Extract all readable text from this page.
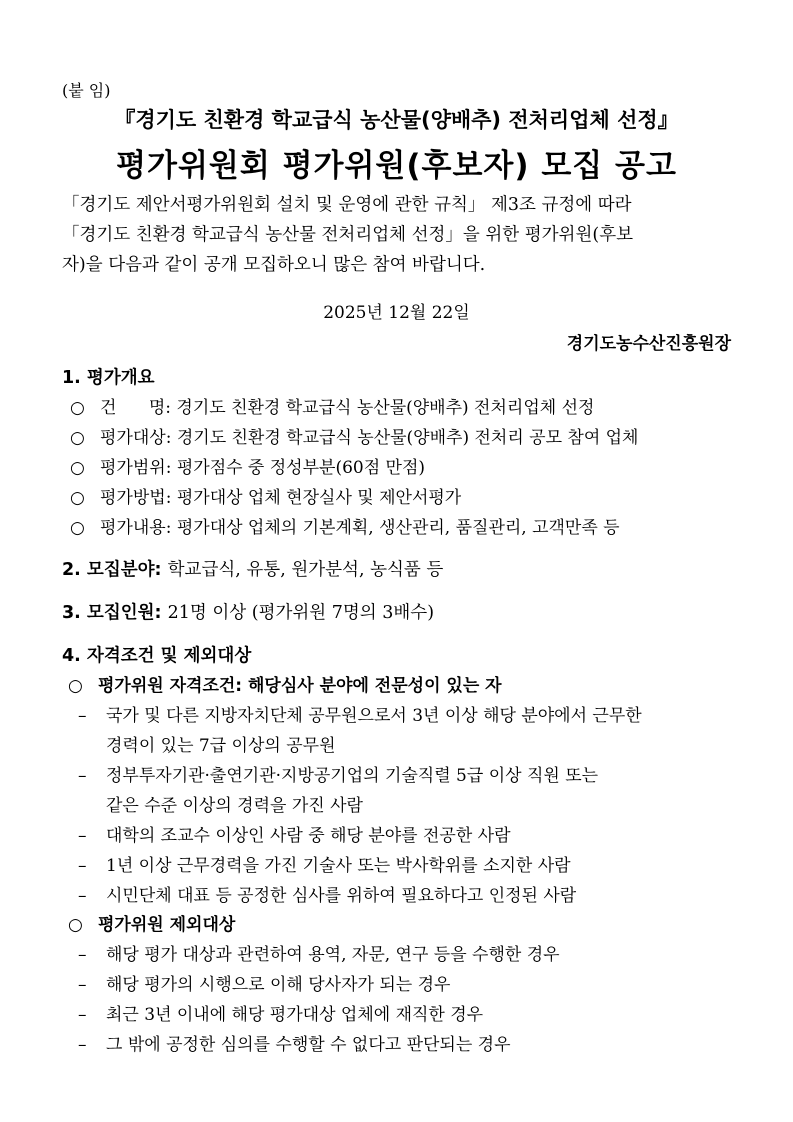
(붙 임)
『경기도 친환경 학교급식 농산물(양배추) 전처리업체 선정』
평가위원회 평가위원(후보자) 모집 공고
「경기도 제안서평가위원회 설치 및 운영에 관한 규칙」 제3조 규정에 따라
「경기도 친환경 학교급식 농산물 전처리업체 선정」을 위한 평가위원(후보
자)을 다음과 같이 공개 모집하오니 많은 참여 바랍니다.
2025년 12월 22일
경기도농수산진흥원장
1. 평가개요
○ 건      명: 경기도 친환경 학교급식 농산물(양배추) 전처리업체 선정
○ 평가대상: 경기도 친환경 학교급식 농산물(양배추) 전처리 공모 참여 업체
○ 평가범위: 평가점수 중 정성부분(60점 만점)
○ 평가방법: 평가대상 업체 현장실사 및 제안서평가
○ 평가내용: 평가대상 업체의 기본계획, 생산관리, 품질관리, 고객만족 등
2. 모집분야: 학교급식, 유통, 원가분석, 농식품 등
3. 모집인원: 21명 이상 (평가위원 7명의 3배수)
4. 자격조건 및 제외대상
○ 평가위원 자격조건: 해당심사 분야에 전문성이 있는 자
– 국가 및 다른 지방자치단체 공무원으로서 3년 이상 해당 분야에서 근무한
경력이 있는 7급 이상의 공무원
– 정부투자기관·출연기관·지방공기업의 기술직렬 5급 이상 직원 또는
같은 수준 이상의 경력을 가진 사람
– 대학의 조교수 이상인 사람 중 해당 분야를 전공한 사람
– 1년 이상 근무경력을 가진 기술사 또는 박사학위를 소지한 사람
– 시민단체 대표 등 공정한 심사를 위하여 필요하다고 인정된 사람
○ 평가위원 제외대상
– 해당 평가 대상과 관련하여 용역, 자문, 연구 등을 수행한 경우
– 해당 평가의 시행으로 이해 당사자가 되는 경우
– 최근 3년 이내에 해당 평가대상 업체에 재직한 경우
– 그 밖에 공정한 심의를 수행할 수 없다고 판단되는 경우
